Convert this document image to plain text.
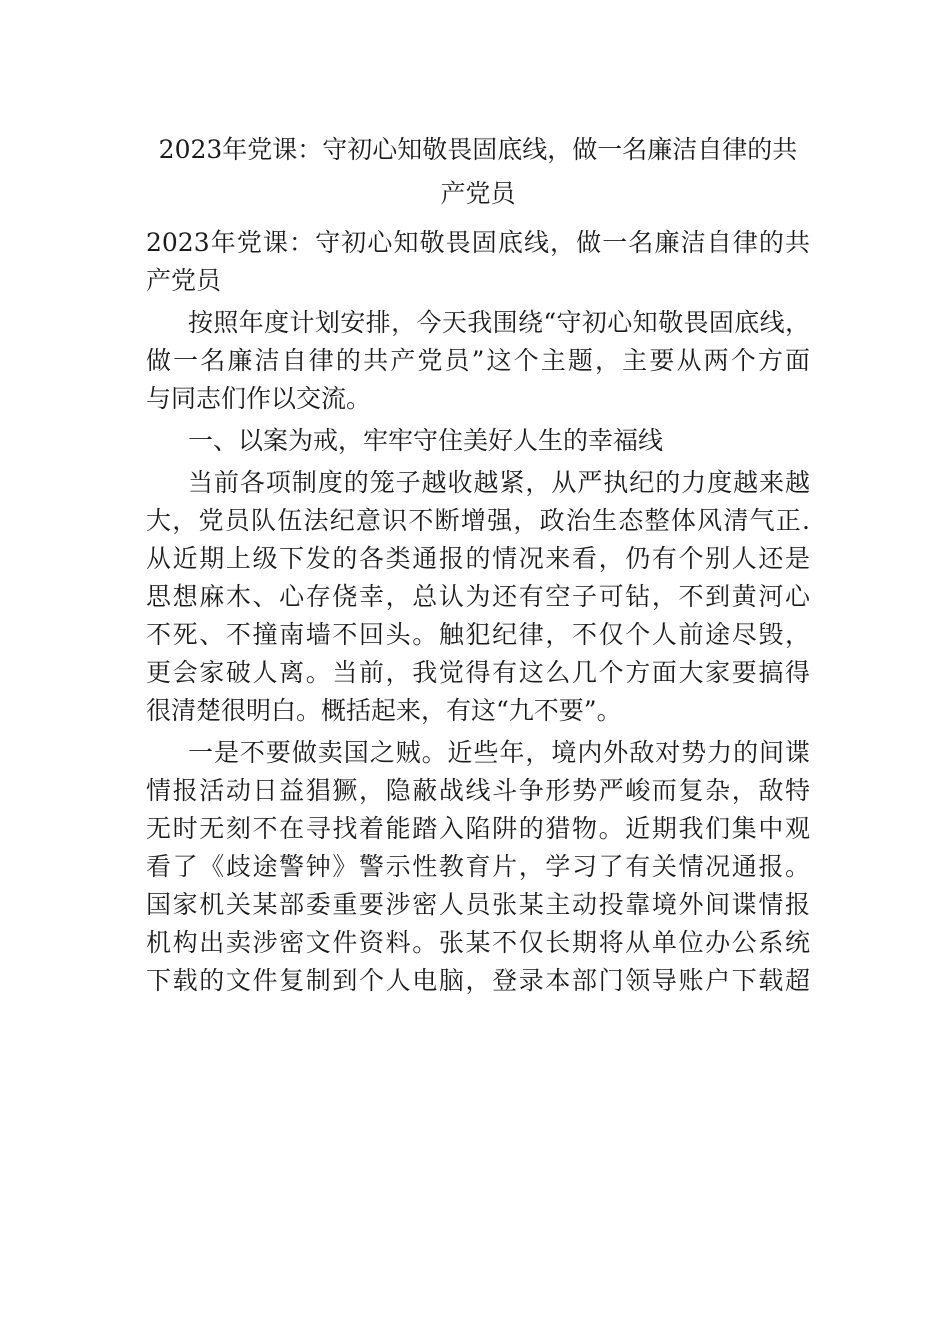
2023年党课：守初心知敬畏固底线，做一名廉洁自律的共
产党员

2023年党课：守初心知敬畏固底线，做一名廉洁自律的共
产党员

按照年度计划安排，今天我围绕“守初心知敬畏固底线，
做一名廉洁自律的共产党员”这个主题，主要从两个方面
与同志们作以交流。

一、以案为戒，牢牢守住美好人生的幸福线

当前各项制度的笼子越收越紧，从严执纪的力度越来越
大，党员队伍法纪意识不断增强，政治生态整体风清气正.
从近期上级下发的各类通报的情况来看，仍有个别人还是
思想麻木、心存侥幸，总认为还有空子可钻，不到黄河心
不死、不撞南墙不回头。触犯纪律，不仅个人前途尽毁，
更会家破人离。当前，我觉得有这么几个方面大家要搞得
很清楚很明白。概括起来，有这“九不要”。

一是不要做卖国之贼。近些年，境内外敌对势力的间谍
情报活动日益猖獗，隐蔽战线斗争形势严峻而复杂，敌特
无时无刻不在寻找着能踏入陷阱的猎物。近期我们集中观
看了《歧途警钟》警示性教育片，学习了有关情况通报。
国家机关某部委重要涉密人员张某主动投靠境外间谍情报
机构出卖涉密文件资料。张某不仅长期将从单位办公系统
下载的文件复制到个人电脑，登录本部门领导账户下载超
